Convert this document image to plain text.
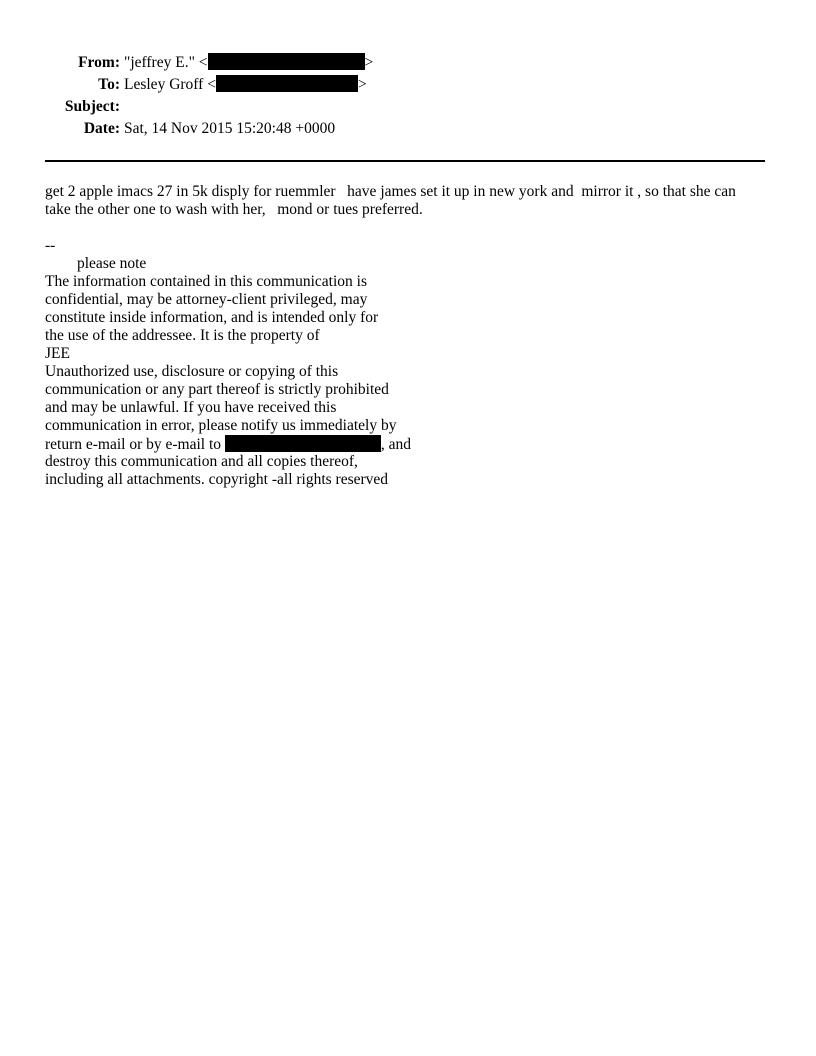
From: "jeffrey E." <	>
To: Lesley Groff <	>
Subject:
Date: Sat, 14 Nov 2015 15:20:48 +0000
get 2 apple imacs 27 in 5k disply for ruemmler   have james set it up in new york and  mirror it , so that she can
take the other one to wash with her,   mond or tues preferred.
--
please note
The information contained in this communication is
confidential, may be attorney-client privileged, may
constitute inside information, and is intended only for
the use of the addressee. It is the property of
JEE
Unauthorized use, disclosure or copying of this
communication or any part thereof is strictly prohibited
and may be unlawful. If you have received this
communication in error, please notify us immediately by
return e-mail or by e-mail to	, and
destroy this communication and all copies thereof,
including all attachments. copyright -all rights reserved
